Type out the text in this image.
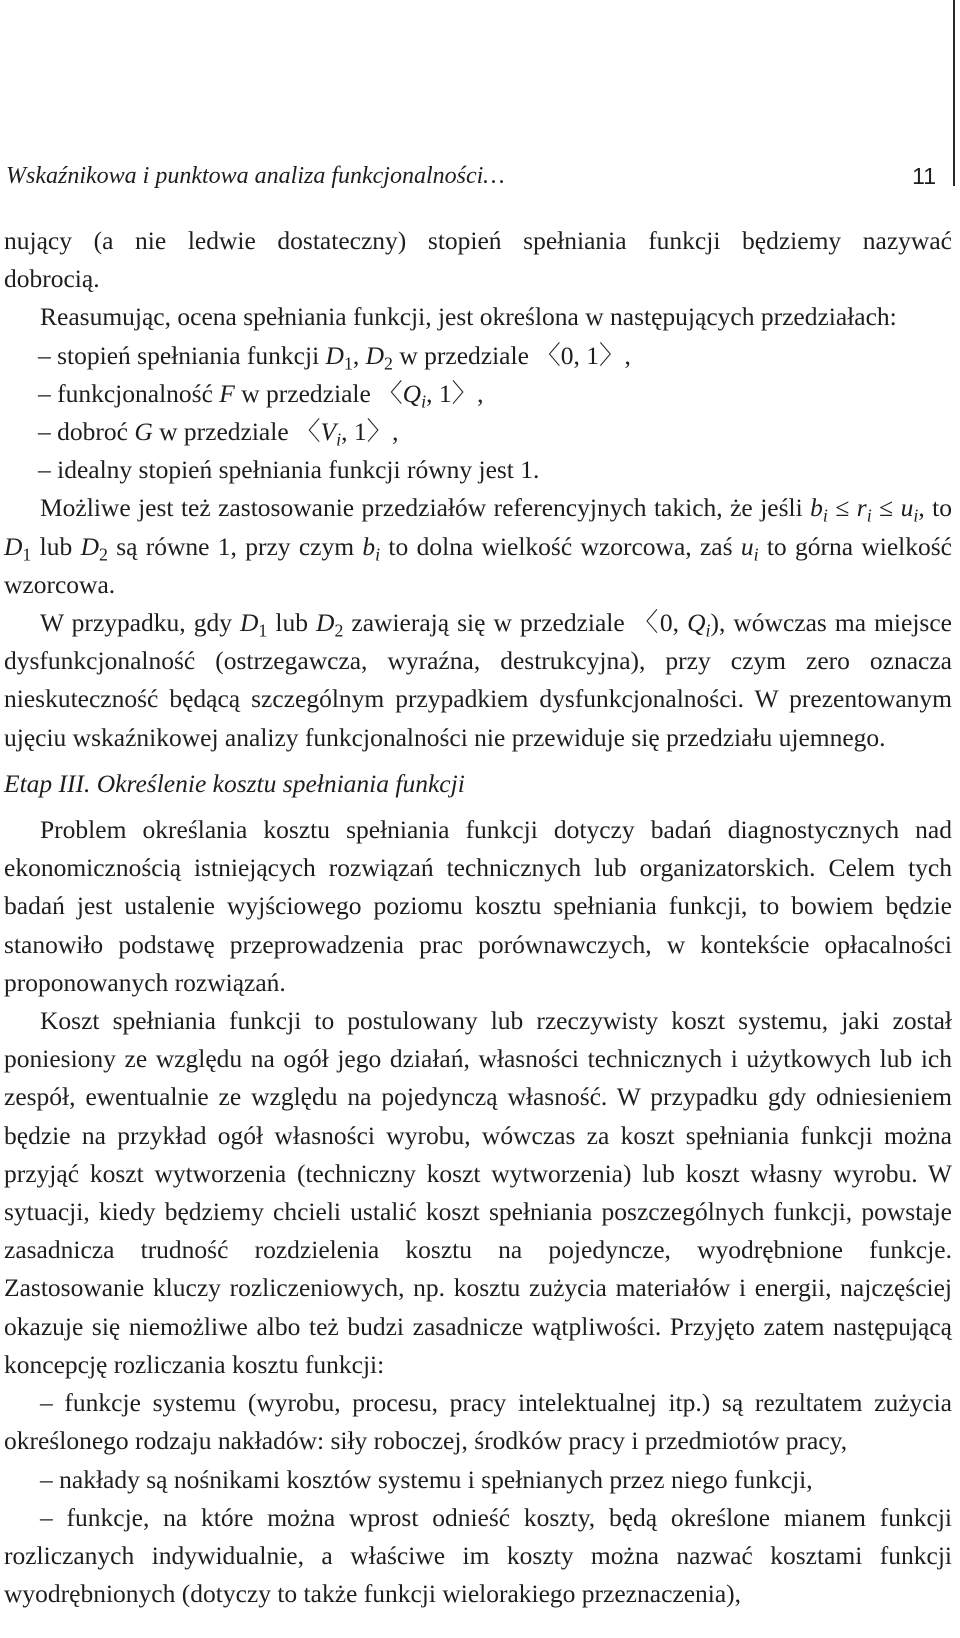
Wskaźnikowa i punktowa analiza funkcjonalności…	11

nujący (a nie ledwie dostateczny) stopień spełniania funkcji będziemy nazywać

dobrocią.

Reasumując, ocena spełniania funkcji, jest określona w następujących przedziałach:

– stopień spełniania funkcji $D_1$, $D_2$ w przedziale 〈0, 1〉,

– funkcjonalność F w przedziale 〈$Q_i$, 1〉,

– dobroć G w przedziale 〈$V_i$, 1〉,

– idealny stopień spełniania funkcji równy jest 1.

Możliwe jest też zastosowanie przedziałów referencyjnych takich, że jeśli $b_i \le r_i \le u_i$, to $D_1$ lub $D_2$ są równe 1, przy czym $b_i$ to dolna wielkość wzorcowa, zaś $u_i$ to górna wielkość wzorcowa.

W przypadku, gdy $D_1$ lub $D_2$ zawierają się w przedziale 〈0, $Q_i$), wówczas ma miejsce dysfunkcjonalność (ostrzegawcza, wyraźna, destrukcyjna), przy czym zero oznacza nieskuteczność będącą szczególnym przypadkiem dysfunkcjonalności. W prezentowanym ujęciu wskaźnikowej analizy funkcjonalności nie przewiduje się przedziału ujemnego.

Etap III. Określenie kosztu spełniania funkcji

Problem określania kosztu spełniania funkcji dotyczy badań diagnostycznych nad ekonomicznością istniejących rozwiązań technicznych lub organizatorskich. Celem tych badań jest ustalenie wyjściowego poziomu kosztu spełniania funkcji, to bowiem będzie stanowiło podstawę przeprowadzenia prac porównawczych, w kontekście opłacalności proponowanych rozwiązań.

Koszt spełniania funkcji to postulowany lub rzeczywisty koszt systemu, jaki został poniesiony ze względu na ogół jego działań, własności technicznych i użytkowych lub ich zespół, ewentualnie ze względu na pojedynczą własność. W przypadku gdy odniesieniem będzie na przykład ogół własności wyrobu, wówczas za koszt spełniania funkcji można przyjąć koszt wytworzenia (techniczny koszt wytworzenia) lub koszt własny wyrobu. W sytuacji, kiedy będziemy chcieli ustalić koszt spełniania poszczególnych funkcji, powstaje zasadnicza trudność rozdzielenia kosztu na pojedyncze, wyodrębnione funkcje. Zastosowanie kluczy rozliczeniowych, np. kosztu zużycia materiałów i energii, najczęściej okazuje się niemożliwe albo też budzi zasadnicze wątpliwości. Przyjęto zatem następującą koncepcję rozliczania kosztu funkcji:

– funkcje systemu (wyrobu, procesu, pracy intelektualnej itp.) są rezultatem zużycia określonego rodzaju nakładów: siły roboczej, środków pracy i przedmiotów pracy,

– nakłady są nośnikami kosztów systemu i spełnianych przez niego funkcji,

– funkcje, na które można wprost odnieść koszty, będą określone mianem funkcji rozliczanych indywidualnie, a właściwe im koszty można nazwać kosztami funkcji wyodrębnionych (dotyczy to także funkcji wielorakiego przeznaczenia),
